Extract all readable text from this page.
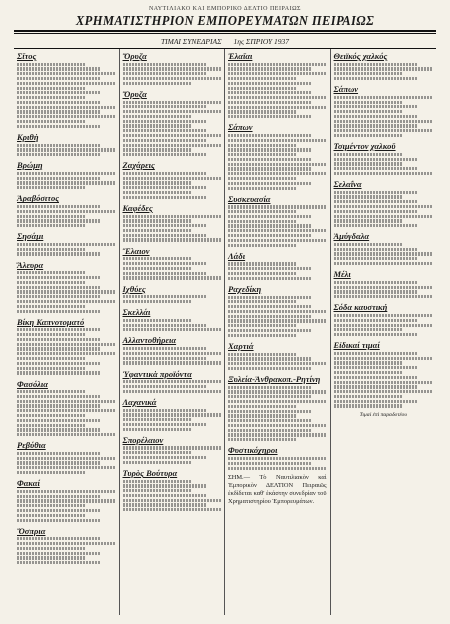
ΝΑΥΤΙΛΙΑΚΟ ΚΑΙ ΕΜΠΟΡΙΚΟ ΔΕΛΤΙΟ ΠΕΙΡΑΙΩΣ
ΧΡΗΜΑΤΙΣΤΗΡΙΟΝ ΕΜΠΟΡΕΥΜΑΤΩΝ ΠΕΙΡΑΙΩΣ
ΤΙΜΑΙ ΣΥΝΕΔΡΙΑΣ 1ης ΣΠΡΙΟΥ 1937
Σῖτος
Κριθὴ
Βρώμη
Ἀραβόσιτος
Σησάμι
Ἄλευρα
Βίκη Καπνοτοματό
Φασόλια
Ρεβύθια
Φακαί
Ὄσπρια
Ὄρυζα
Ὄρυζα
Ζαχάρεις
Καφέδες
Ἔλαιον
Ιχθύες
Σκελλάι
Αλλαντοθήρεια
Ὑφαντικὰ προϊόντα
Λαχανικά
Σπορέλαιον
Τυρὸς Βούτυρα
Ἐλαῖαι
Σάπων
Συσκευασία
Λάδι
Ραχεδίκη
Χαρτιά
Ξυλεία-Ἀνθρακοπ.-Ρητίνη
Φυστικόχηροι
ΣΗΜ.— Τὸ Ναυτιλιακὸν καὶ Ἐμπορικὸν ΔΕΛΤΙΟΝ Πειραιῶς ἐκδίδεται καθ' ἑκάστην συνεδρίαν τοῦ Χρηματιστηρίου Ἐμπορευμάτων.
Θειϊκός χαλκός
Σάπων
Τσιμέντον χαλκοῦ
Σελαΐνα
Ἀμύγδαλα
Μέλι
Σόδα καυστική
Εἰδικαί τιμαί
Τιμαί ἐπὶ παραδοτέου
